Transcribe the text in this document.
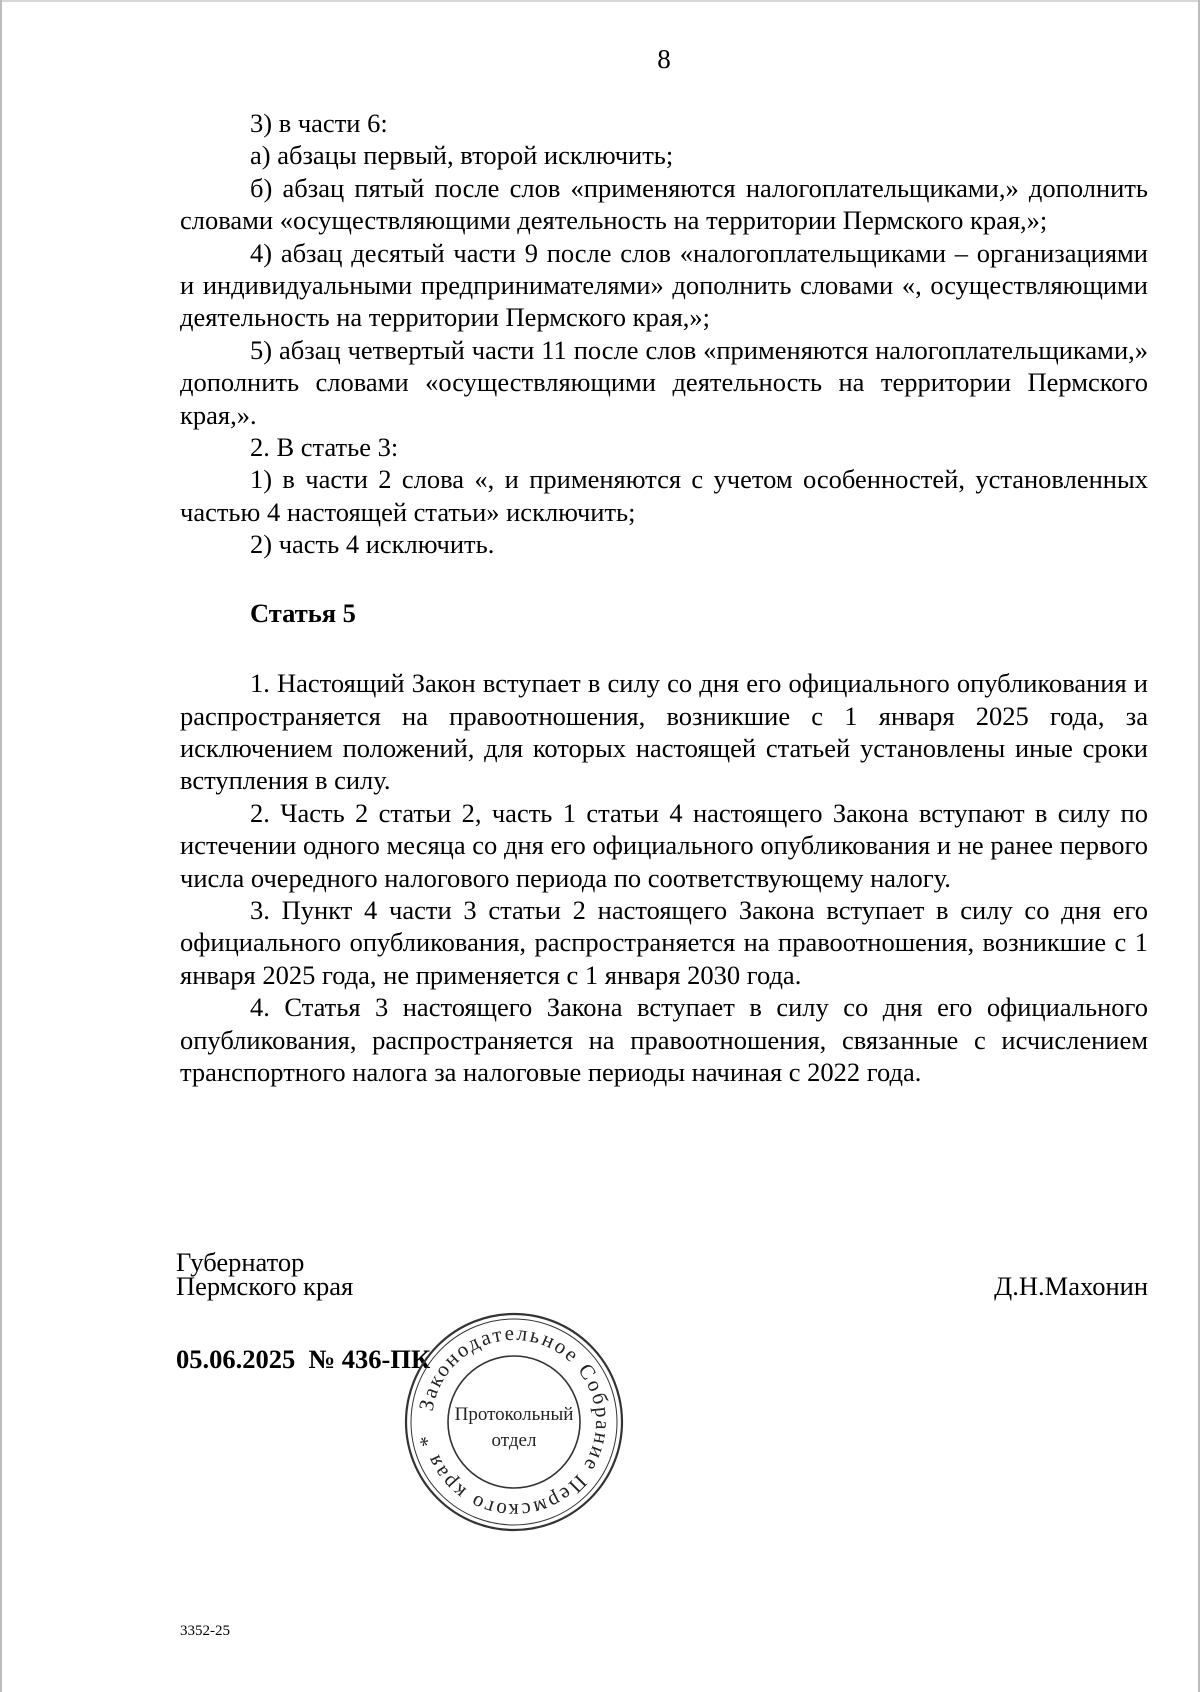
8

3) в части 6:

а) абзацы первый, второй исключить;

б) абзац пятый после слов «применяются налогоплательщиками,» дополнить словами «осуществляющими деятельность на территории Пермского края,»;

4) абзац десятый части 9 после слов «налогоплательщиками – организациями и индивидуальными предпринимателями» дополнить словами «, осуществляющими деятельность на территории Пермского края,»;

5) абзац четвертый части 11 после слов «применяются налогоплательщиками,» дополнить словами «осуществляющими деятельность на территории Пермского края,».

2. В статье 3:

1) в части 2 слова «, и применяются с учетом особенностей, установленных частью 4 настоящей статьи» исключить;

2) часть 4 исключить.

Статья 5

1. Настоящий Закон вступает в силу со дня его официального опубликования и распространяется на правоотношения, возникшие с 1 января 2025 года, за исключением положений, для которых настоящей статьей установлены иные сроки вступления в силу.

2. Часть 2 статьи 2, часть 1 статьи 4 настоящего Закона вступают в силу по истечении одного месяца со дня его официального опубликования и не ранее первого числа очередного налогового периода по соответствующему налогу.

3. Пункт 4 части 3 статьи 2 настоящего Закона вступает в силу со дня его официального опубликования, распространяется на правоотношения, возникшие с 1 января 2025 года, не применяется с 1 января 2030 года.

4. Статья 3 настоящего Закона вступает в силу со дня его официального опубликования, распространяется на правоотношения, связанные с исчислением транспортного налога за налоговые периоды начиная с 2022 года.

Губернатор
Пермского края	Д.Н.Махонин
05.06.2025  № 436-ПК
Законодательное Собрание Пермского края *
Протокольный
отдел
3352-25
